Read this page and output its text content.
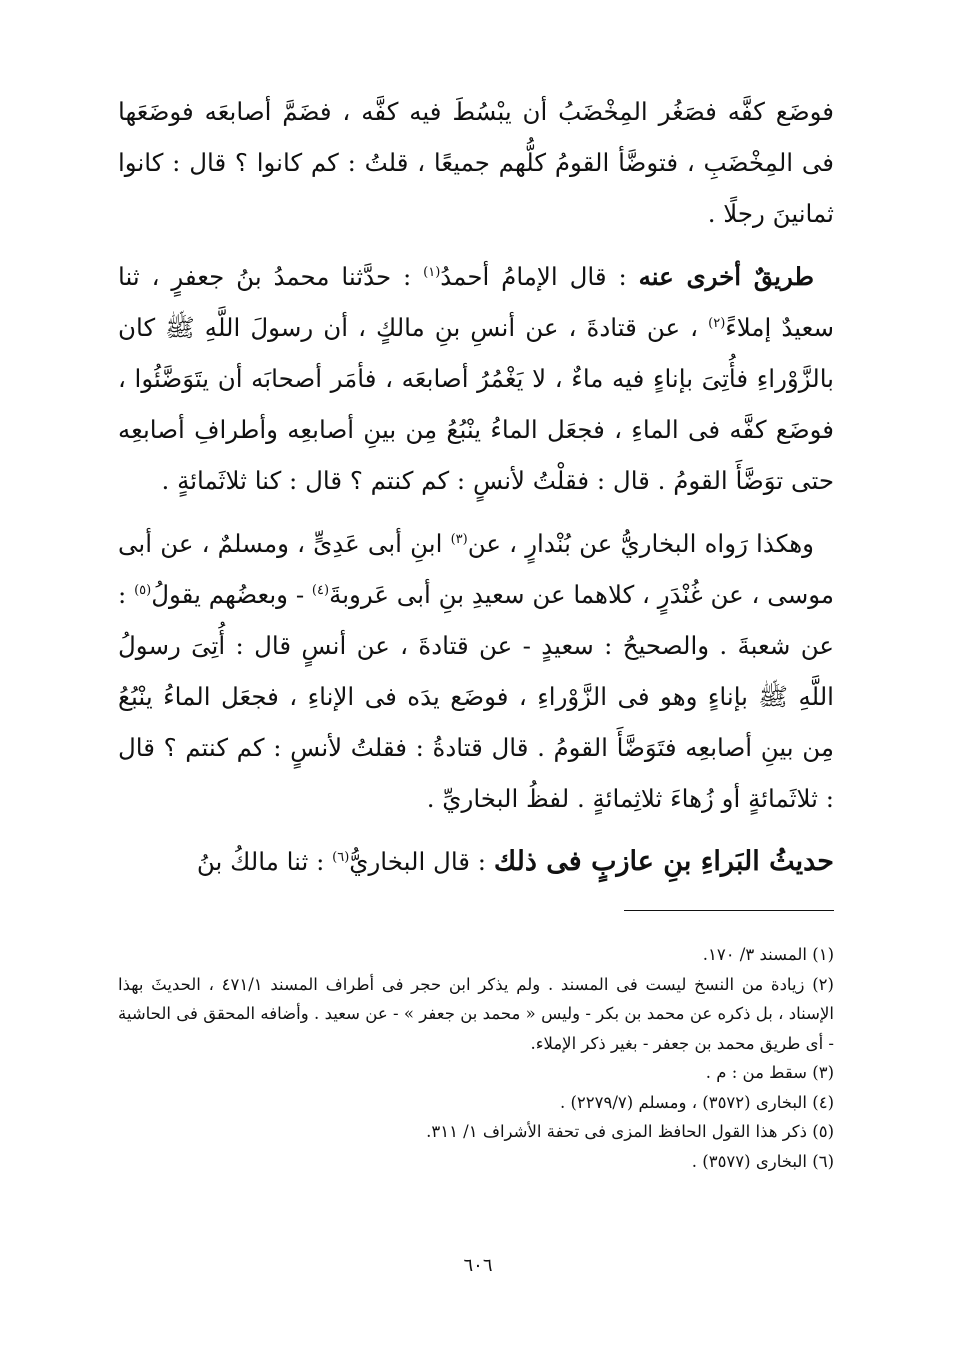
فوضَع كفَّه فصَغُر المِخْضَبُ أن يبْسُطَ فيه كفَّه ، فضَمَّ أصابعَه فوضَعَها فى المِخْضَبِ ، فتوضَّأ القومُ كلُّهم جميعًا ، قلتُ : كم كانوا ؟ قال : كانوا ثمانينَ رجلًا .

طريقٌ أخرى عنه : قال الإمامُ أحمدُ$^{(١)}$ : حدَّثنا محمدُ بنُ جعفرٍ ، ثنا سعيدٌ إملاءً$^{(٢)}$ ، عن قتادةَ ، عن أنسِ بنِ مالكٍ ، أن رسولَ اللَّهِ ﷺ كان بالزَّوْراءِ فأُتِىَ بإناءٍ فيه ماءٌ ، لا يَغْمُرُ أصابعَه ، فأمَر أصحابَه أن يتَوَضَّئُوا ، فوضَع كفَّه فى الماءِ ، فجعَل الماءُ ينْبُعُ مِن بينِ أصابعِه وأطرافِ أصابعِه حتى توَضَّأَ القومُ . قال : فقلْتُ لأنسٍ : كم كنتم ؟ قال : كنا ثلاثَمائةٍ .

وهكذا رَواه البخاريُّ عن بُنْدارٍ ، عن$^{(٣)}$ ابنِ أبى عَدِىٍّ ، ومسلمٌ ، عن أبى موسى ، عن غُنْدَرٍ ، كلاهما عن سعيدِ بنِ أبى عَروبةَ$^{(٤)}$ - وبعضُهم يقولُ$^{(٥)}$ : عن شعبةَ . والصحيحُ : سعيدٍ - عن قتادةَ ، عن أنسٍ قال : أُتِىَ رسولُ اللَّهِ ﷺ بإناءٍ وهو فى الزَّوْراءِ ، فوضَع يدَه فى الإناءِ ، فجعَل الماءُ ينْبُعُ مِن بينِ أصابعِه فتَوَضَّأَ القومُ . قال قتادةُ : فقلتُ لأنسٍ : كم كنتم ؟ قال : ثلاثَمائةٍ أو زُهاءَ ثلاثِمائةٍ . لفظُ البخاريِّ .

حديثُ البَراءِ بنِ عازبٍ فى ذلك : قال البخاريُّ$^{(٦)}$ : ثنا مالكُ بنُ

(١) المسند ٣/ ١٧٠.

(٢) زيادة من النسخ ليست فى المسند . ولم يذكر ابن حجر فى أطراف المسند ٤٧١/١ ، الحديثَ بهذا الإسناد ، بل ذكره عن محمد بن بكر - وليس « محمد بن جعفر » - عن سعيد . وأضافه المحقق فى الحاشية - أى طريق محمد بن جعفر - بغير ذكر الإملاء.

(٣) سقط من : م .

(٤) البخارى (٣٥٧٢) ، ومسلم (٢٢٧٩/٧) .

(٥) ذكر هذا القول الحافظ المزى فى تحفة الأشراف ١/ ٣١١.

(٦) البخارى (٣٥٧٧) .

٦٠٦
